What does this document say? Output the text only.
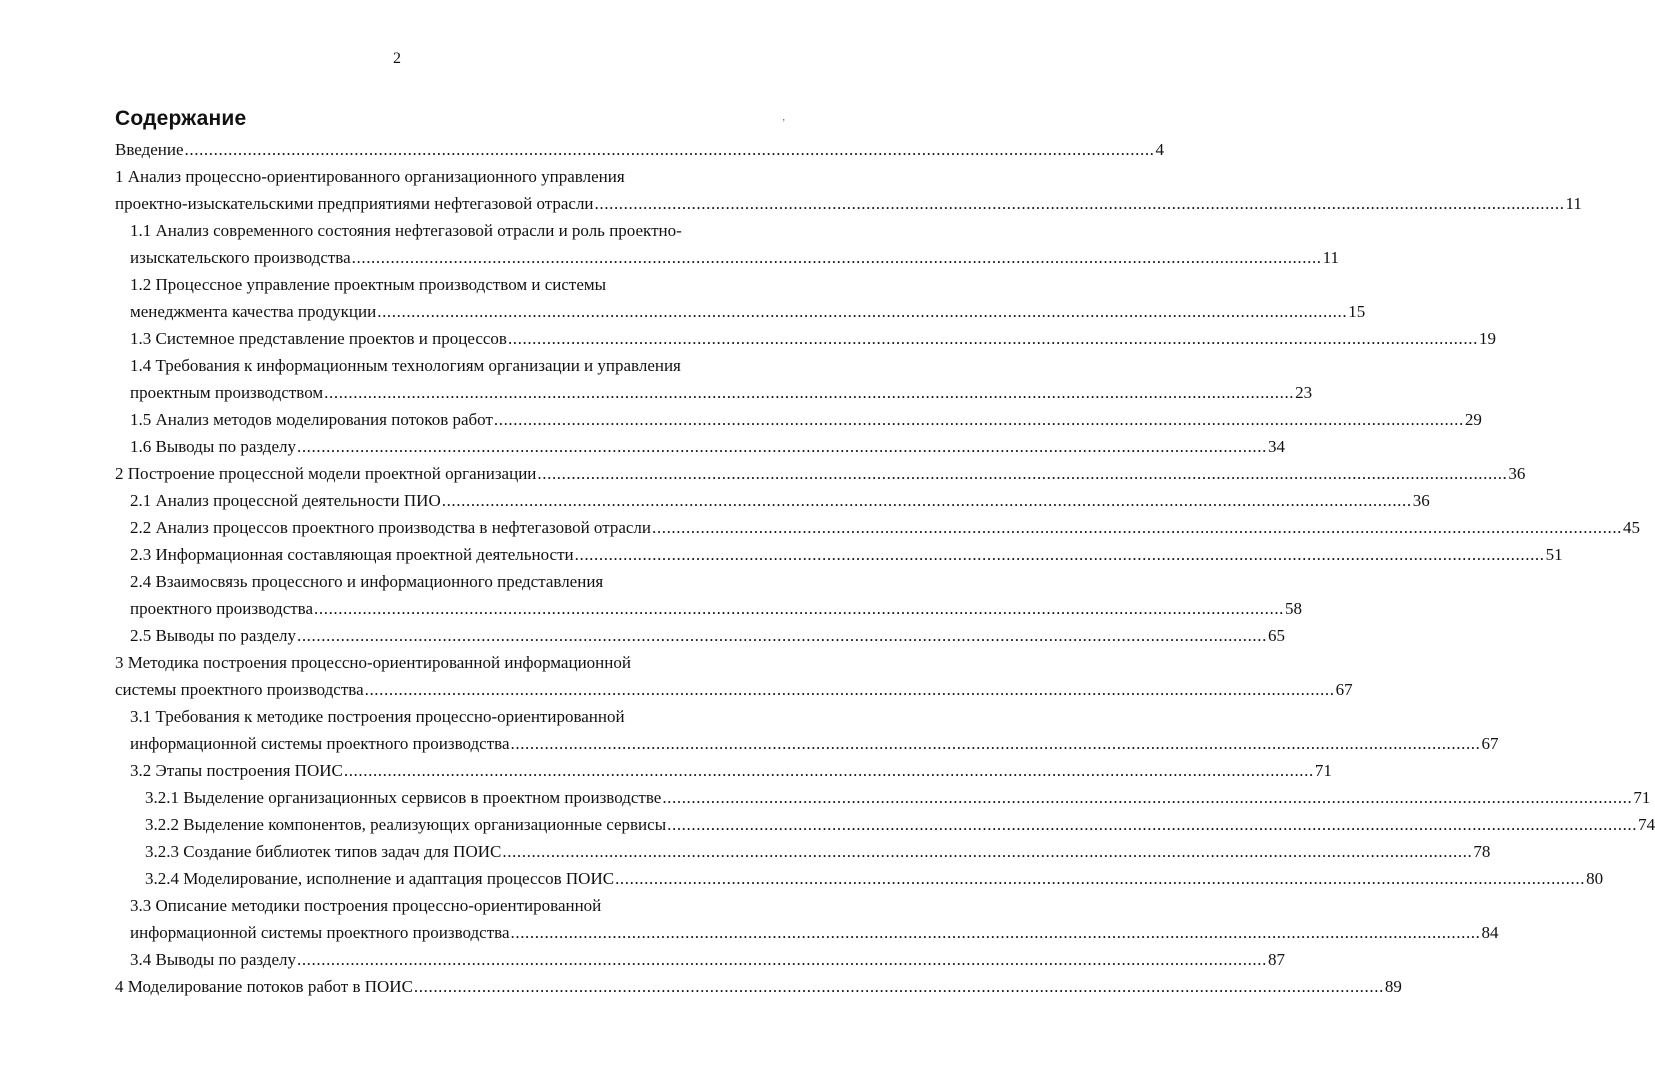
2
Содержание
Введение ........................................................................................................................................................................................................ 4
1 Анализ процессно-ориентированного организационного управления
проектно-изыскательскими предприятиями нефтегазовой отрасли ........................................................................................................................................................................................................ 11
1.1 Анализ современного состояния нефтегазовой отрасли и роль проектно-
изыскательского производства ........................................................................................................................................................................................................ 11
1.2 Процессное управление проектным производством и системы
менеджмента качества продукции ........................................................................................................................................................................................................ 15
1.3 Системное представление проектов и процессов ........................................................................................................................................................................................................ 19
1.4 Требования к информационным технологиям организации и управления
проектным производством ........................................................................................................................................................................................................ 23
1.5 Анализ методов моделирования потоков работ ........................................................................................................................................................................................................ 29
1.6 Выводы по разделу ........................................................................................................................................................................................................ 34
2 Построение процессной модели проектной организации ........................................................................................................................................................................................................ 36
2.1 Анализ процессной деятельности ПИО ........................................................................................................................................................................................................ 36
2.2 Анализ процессов проектного производства в нефтегазовой отрасли ........................................................................................................................................................................................................ 45
2.3 Информационная составляющая проектной деятельности ........................................................................................................................................................................................................ 51
2.4 Взаимосвязь процессного и информационного представления
проектного производства ........................................................................................................................................................................................................ 58
2.5 Выводы по разделу ........................................................................................................................................................................................................ 65
3 Методика построения процессно-ориентированной информационной
системы проектного производства ........................................................................................................................................................................................................ 67
3.1 Требования к методике построения процессно-ориентированной
информационной системы проектного производства ........................................................................................................................................................................................................ 67
3.2 Этапы построения ПОИС ........................................................................................................................................................................................................ 71
3.2.1 Выделение организационных сервисов в проектном производстве ........................................................................................................................................................................................................ 71
3.2.2 Выделение компонентов, реализующих организационные сервисы ........................................................................................................................................................................................................ 74
3.2.3 Создание библиотек типов задач для ПОИС ........................................................................................................................................................................................................ 78
3.2.4 Моделирование, исполнение и адаптация процессов ПОИС ........................................................................................................................................................................................................ 80
3.3 Описание методики построения процессно-ориентированной
информационной системы проектного производства ........................................................................................................................................................................................................ 84
3.4 Выводы по разделу ........................................................................................................................................................................................................ 87
4 Моделирование потоков работ в ПОИС ........................................................................................................................................................................................................ 89
’
